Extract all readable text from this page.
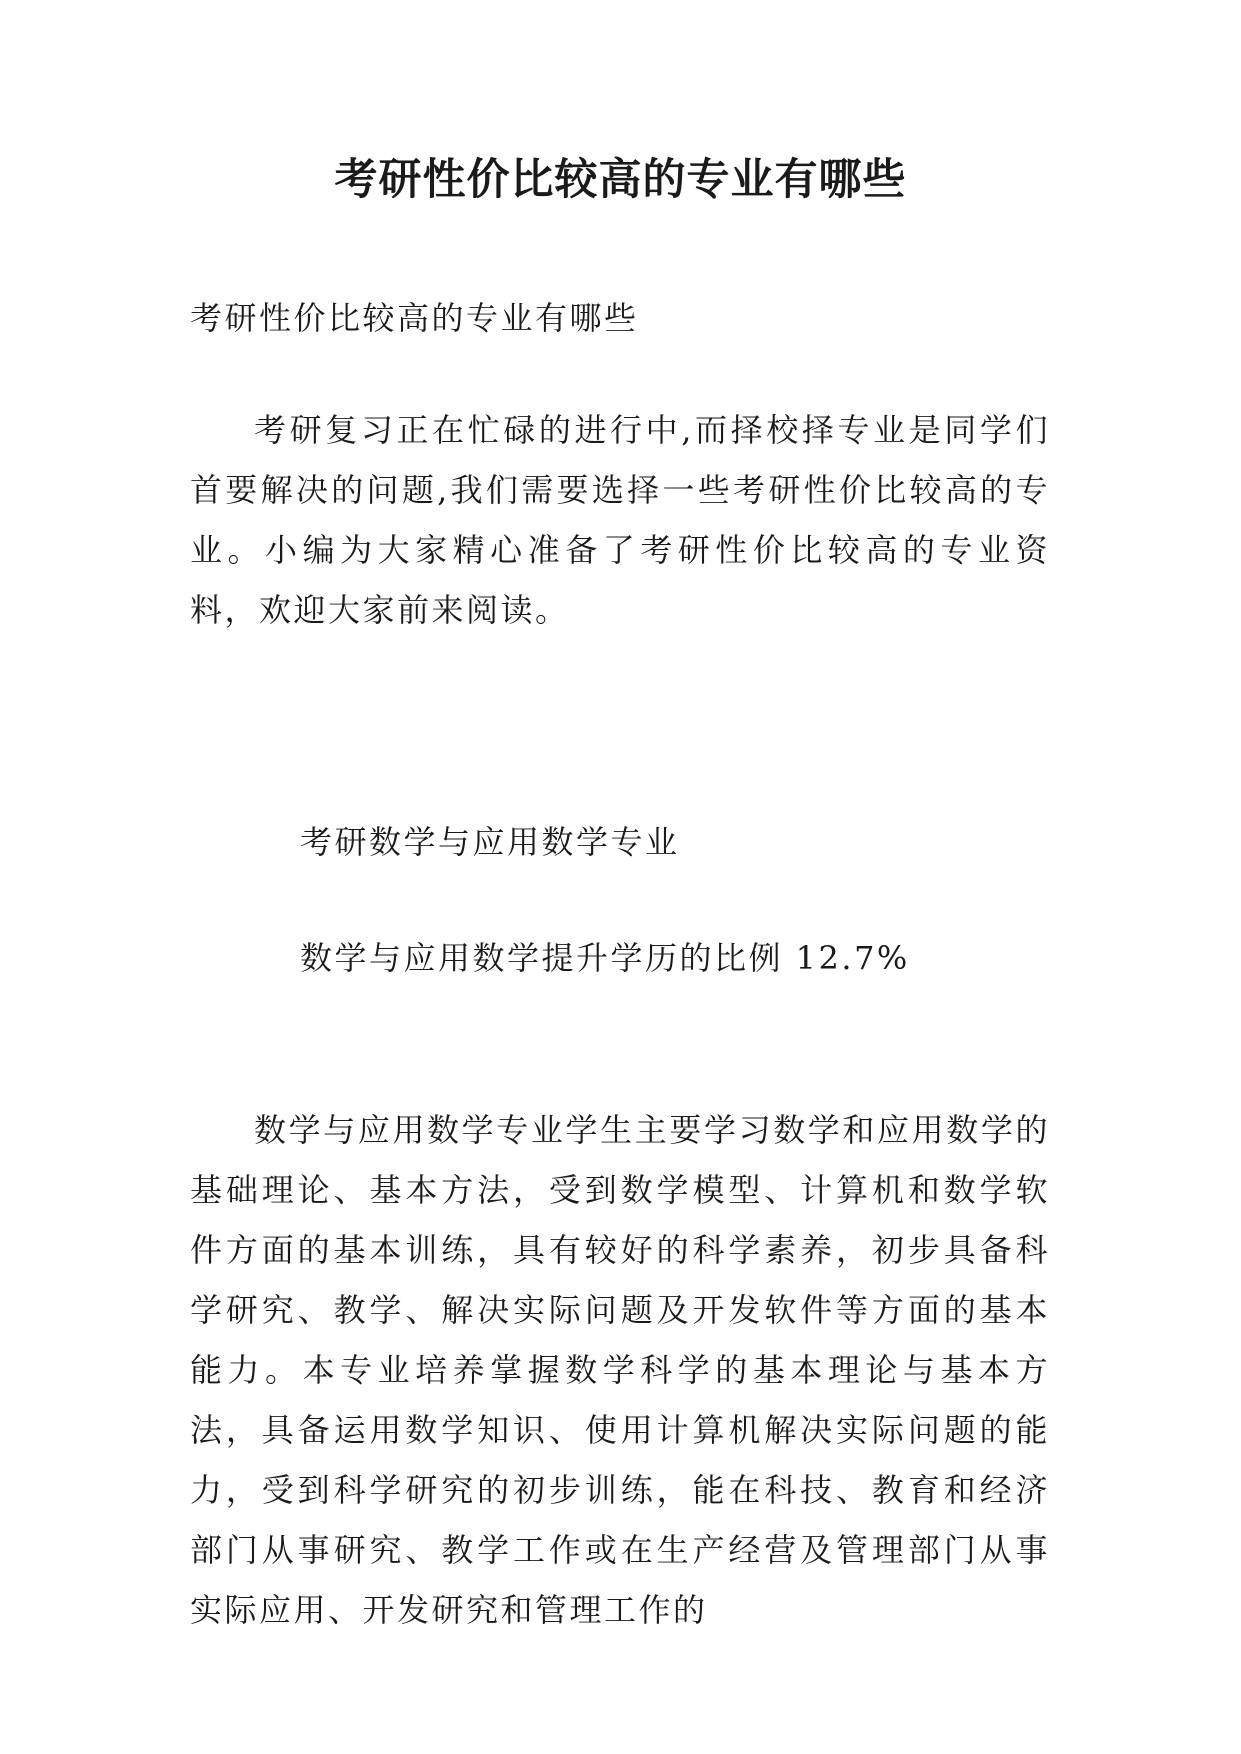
考研性价比较高的专业有哪些

考研性价比较高的专业有哪些

考研复习正在忙碌的进行中,而择校择专业是同学们首要解决的问题,我们需要选择一些考研性价比较高的专业。小编为大家精心准备了考研性价比较高的专业资料，欢迎大家前来阅读。

考研数学与应用数学专业

数学与应用数学提升学历的比例 12.7%

数学与应用数学专业学生主要学习数学和应用数学的基础理论、基本方法，受到数学模型、计算机和数学软件方面的基本训练，具有较好的科学素养，初步具备科学研究、教学、解决实际问题及开发软件等方面的基本能力。本专业培养掌握数学科学的基本理论与基本方法，具备运用数学知识、使用计算机解决实际问题的能力，受到科学研究的初步训练，能在科技、教育和经济部门从事研究、教学工作或在生产经营及管理部门从事实际应用、开发研究和管理工作的
